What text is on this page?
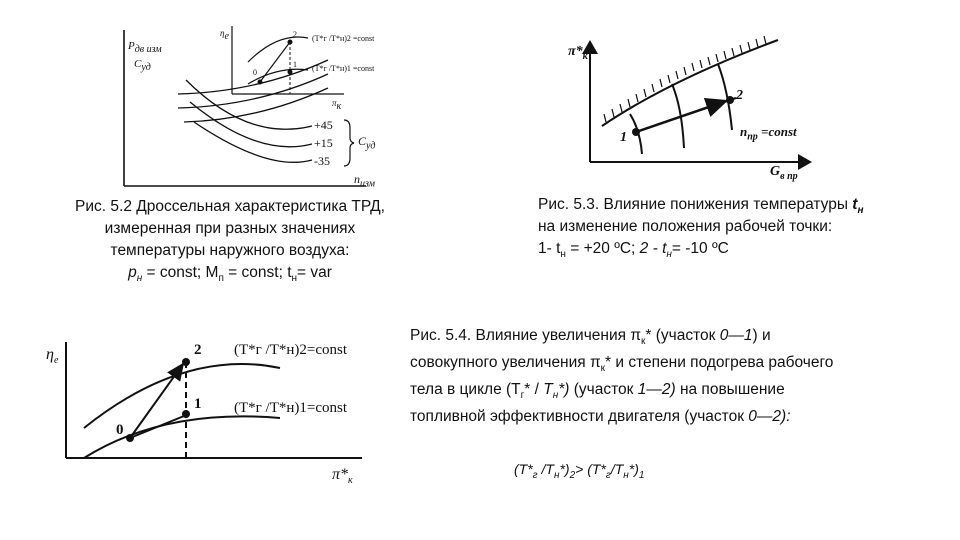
$P_{дв изм}$
$C_{уд}$
$n_{изм}$
+45
+15
-35
$C_{уд}$
$\eta_e$
$\pi_к$
(T*г /T*н)2 =const
(T*г /T*н)1 =const
0
1
2
Рис. 5.2 Дроссельная характеристика ТРД,
измеренная при разных значениях
температуры наружного воздуха:
$p_н$ = const; $M_п$ = const; $t_н=$ var
$\pi*_к$
$G_{в пр}$
1
2
$n_{пр}$ =const
Рис. 5.3. Влияние понижения температуры $t_н$
на изменение положения рабочей точки:
1- $t_н = +20$ ºC; $2 - t_н= -10$ ºC
$\eta_e$
$\pi*_к$
(T*г /T*н)2=const
(T*г /T*н)1=const
0
1
2
Рис. 5.4. Влияние увеличения $\pi_к*$ (участок 0—1) и
совокупного увеличения $\pi_к*$ и степени подогрева рабочего
тела в цикле $(Т_г* / Т_н*)$ (участок 1—2) на повышение
топливной эффективности двигателя (участок 0—2):
($T*_г$ $/T_н*)_2> (T*_г/T_н*)_1$
